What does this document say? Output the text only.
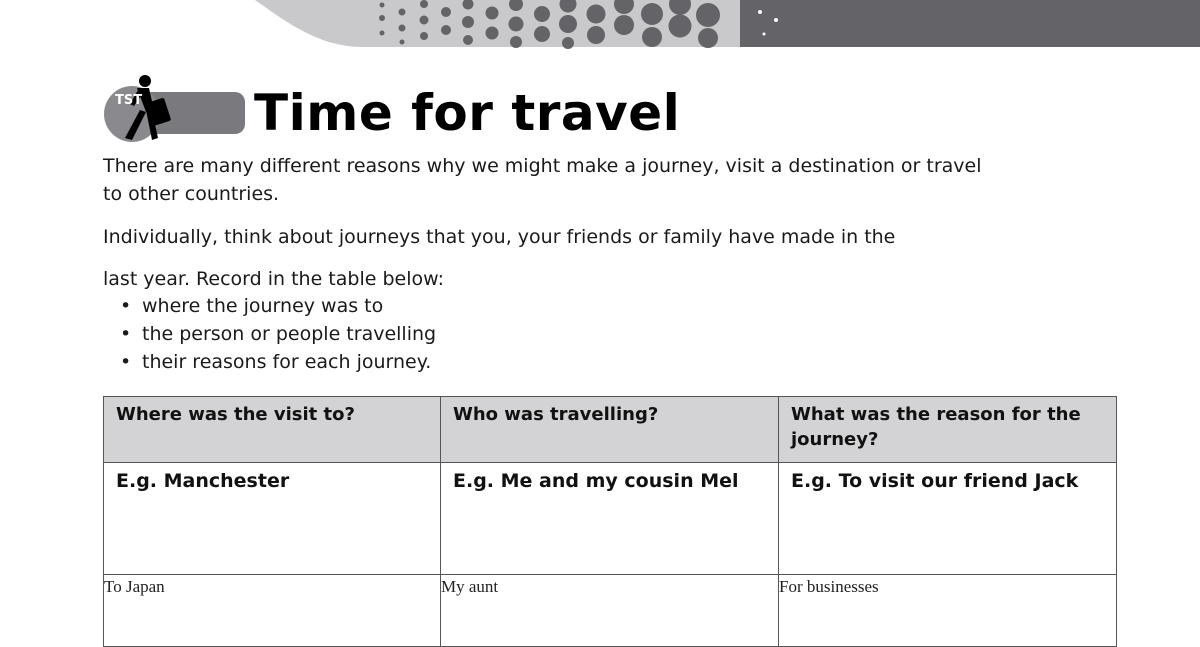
TST Time for travel

There are many different reasons why we might make a journey, visit a destination or travel to other countries.

Individually, think about journeys that you, your friends or family have made in the

last year. Record in the table below:

• where the journey was to
• the person or people travelling
• their reasons for each journey.
Where was the visit to?	Who was travelling?	What was the reason for the journey?
E.g. Manchester	E.g. Me and my cousin Mel	E.g. To visit our friend Jack
To Japan	My aunt	For businesses
